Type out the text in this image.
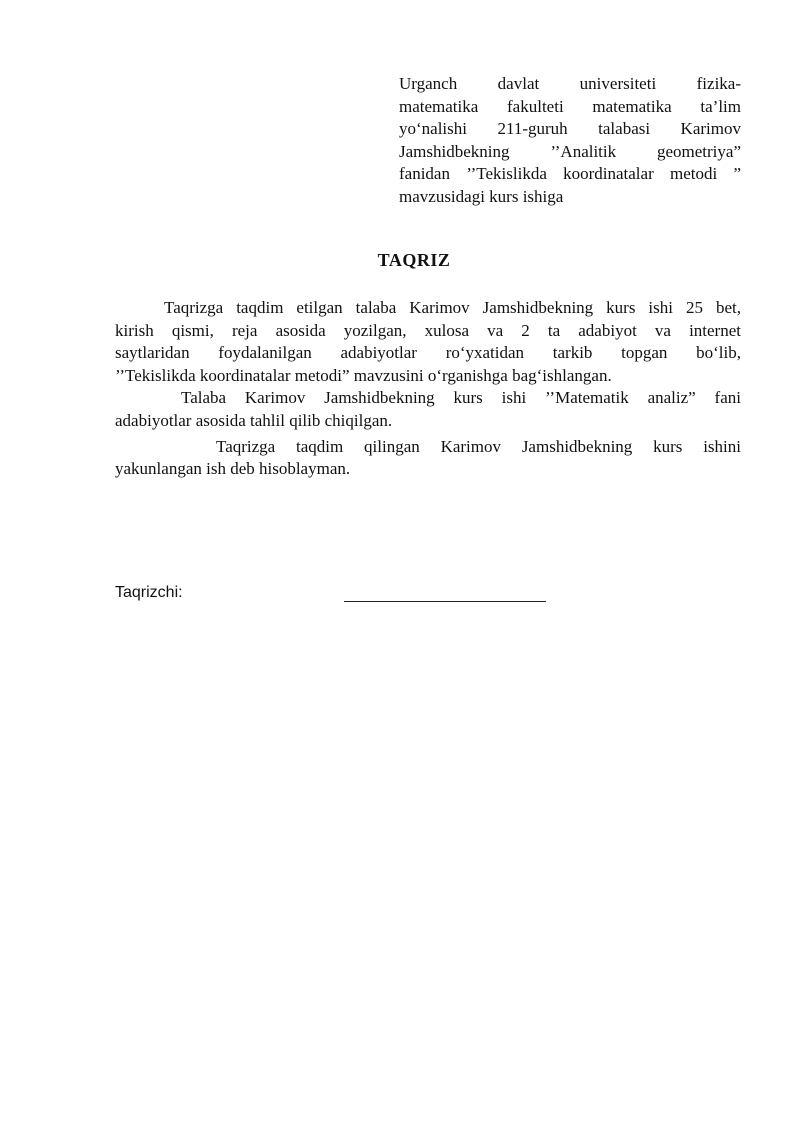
Urganch davlat universiteti fizika-
matematika fakulteti matematika ta’lim
yo‘nalishi 211-guruh talabasi Karimov
Jamshidbekning ’’Analitik geometriya”
fanidan ’’Tekislikda koordinatalar metodi ”
mavzusidagi kurs ishiga
TAQRIZ
Taqrizga taqdim etilgan talaba Karimov Jamshidbekning kurs ishi 25 bet,
kirish qismi, reja asosida yozilgan, xulosa va 2 ta adabiyot va internet
saytlaridan foydalanilgan adabiyotlar ro‘yxatidan tarkib topgan bo‘lib,
’’Tekislikda koordinatalar metodi” mavzusini o‘rganishga bag‘ishlangan.
Talaba Karimov Jamshidbekning kurs ishi ’’Matematik analiz” fani
adabiyotlar asosida tahlil qilib chiqilgan.
Taqrizga taqdim qilingan Karimov Jamshidbekning kurs ishini
yakunlangan ish deb hisoblayman.
Taqrizchi:
